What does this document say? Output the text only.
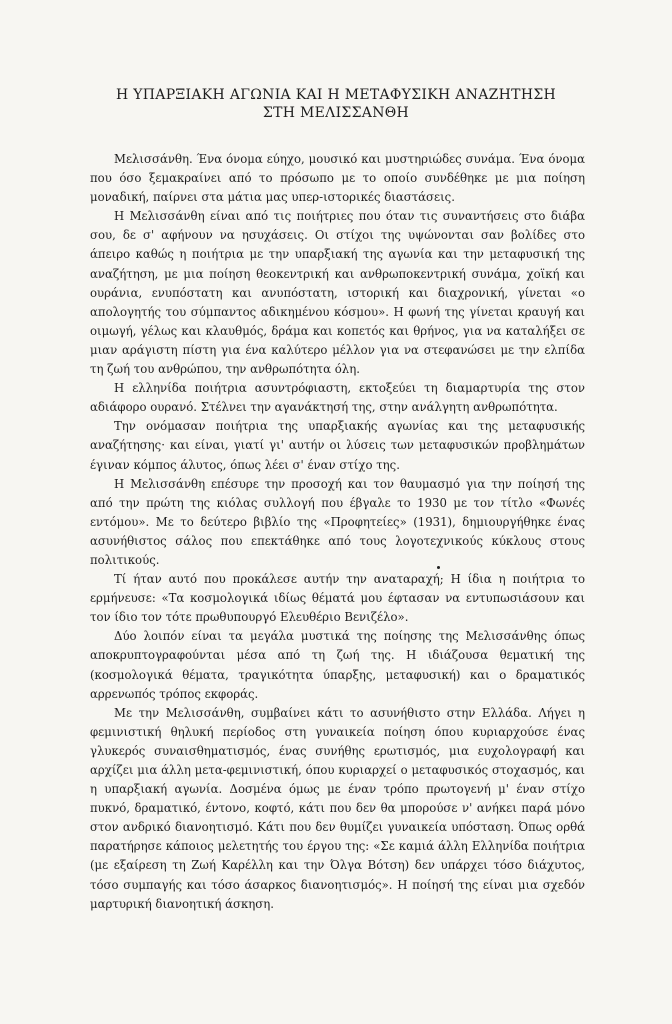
Η ΥΠΑΡΞΙΑΚΗ ΑΓΩΝΙΑ ΚΑΙ Η ΜΕΤΑΦΥΣΙΚΗ ΑΝΑΖΗΤΗΣΗ
ΣΤΗ ΜΕΛΙΣΣΑΝΘΗ

Μελισσάνθη. Ένα όνομα εύηχο, μουσικό και μυστηριώδες συνάμα. Ένα όνομα που όσο ξεμακραίνει από το πρόσωπο με το οποίο συνδέθηκε με μια ποίηση μοναδική, παίρνει στα μάτια μας υπερ-ιστορικές διαστάσεις.

Η Μελισσάνθη είναι από τις ποιήτριες που όταν τις συναντήσεις στο διάβα σου, δε σ' αφήνουν να ησυχάσεις. Οι στίχοι της υψώνονται σαν βολίδες στο άπειρο καθώς η ποιήτρια με την υπαρξιακή της αγωνία και την μεταφυσική της αναζήτηση, με μια ποίηση θεοκεντρική και ανθρωποκεντρική συνάμα, χοϊκή και ουράνια, ενυπόστατη και ανυπόστατη, ιστορική και διαχρονική, γίνεται «ο απολογητής του σύμπαντος αδικημένου κόσμου». Η φωνή της γίνεται κραυγή και οιμωγή, γέλως και κλαυθμός, δράμα και κοπετός και θρήνος, για να καταλήξει σε μιαν αράγιστη πίστη για ένα καλύτερο μέλλον για να στεφανώσει με την ελπίδα τη ζωή του ανθρώπου, την ανθρωπότητα όλη.

Η ελληνίδα ποιήτρια ασυντρόφιαστη, εκτοξεύει τη διαμαρτυρία της στον αδιάφορο ουρανό. Στέλνει την αγανάκτησή της, στην ανάλγητη ανθρωπότητα.

Την ονόμασαν ποιήτρια της υπαρξιακής αγωνίας και της μεταφυσικής αναζήτησης· και είναι, γιατί γι' αυτήν οι λύσεις των μεταφυσικών προβλημάτων έγιναν κόμπος άλυτος, όπως λέει σ' έναν στίχο της.

Η Μελισσάνθη επέσυρε την προσοχή και τον θαυμασμό για την ποίησή της από την πρώτη της κιόλας συλλογή που έβγαλε το 1930 με τον τίτλο «Φωνές εντόμου». Με το δεύτερο βιβλίο της «Προφητείες» (1931), δημιουργήθηκε ένας ασυνήθιστος σάλος που επεκτάθηκε από τους λογοτεχνικούς κύκλους στους πολιτικούς.

Τί ήταν αυτό που προκάλεσε αυτήν την αναταραχή; Η ίδια η ποιήτρια το ερμήνευσε: «Τα κοσμολογικά ιδίως θέματά μου έφτασαν να εντυπωσιάσουν και τον ίδιο τον τότε πρωθυπουργό Ελευθέριο Βενιζέλο».

Δύο λοιπόν είναι τα μεγάλα μυστικά της ποίησης της Μελισσάνθης όπως αποκρυπτογραφούνται μέσα από τη ζωή της. Η ιδιάζουσα θεματική της (κοσμολογικά θέματα, τραγικότητα ύπαρξης, μεταφυσική) και ο δραματικός αρρενωπός τρόπος εκφοράς.

Με την Μελισσάνθη, συμβαίνει κάτι το ασυνήθιστο στην Ελλάδα. Λήγει η φεμινιστική θηλυκή περίοδος στη γυναικεία ποίηση όπου κυριαρχούσε ένας γλυκερός συναισθηματισμός, ένας συνήθης ερωτισμός, μια ευχολογραφή και αρχίζει μια άλλη μετα-φεμινιστική, όπου κυριαρχεί ο μεταφυσικός στοχασμός, και η υπαρξιακή αγωνία. Δοσμένα όμως με έναν τρόπο πρωτογενή μ' έναν στίχο πυκνό, δραματικό, έντονο, κοφτό, κάτι που δεν θα μπορούσε ν' ανήκει παρά μόνο στον ανδρικό διανοητισμό. Κάτι που δεν θυμίζει γυναικεία υπόσταση. Όπως ορθά παρατήρησε κάποιος μελετητής του έργου της: «Σε καμιά άλλη Ελληνίδα ποιήτρια (με εξαίρεση τη Ζωή Καρέλλη και την Όλγα Βότση) δεν υπάρχει τόσο διάχυτος, τόσο συμπαγής και τόσο άσαρκος διανοητισμός». Η ποίησή της είναι μια σχεδόν μαρτυρική διανοητική άσκηση.
